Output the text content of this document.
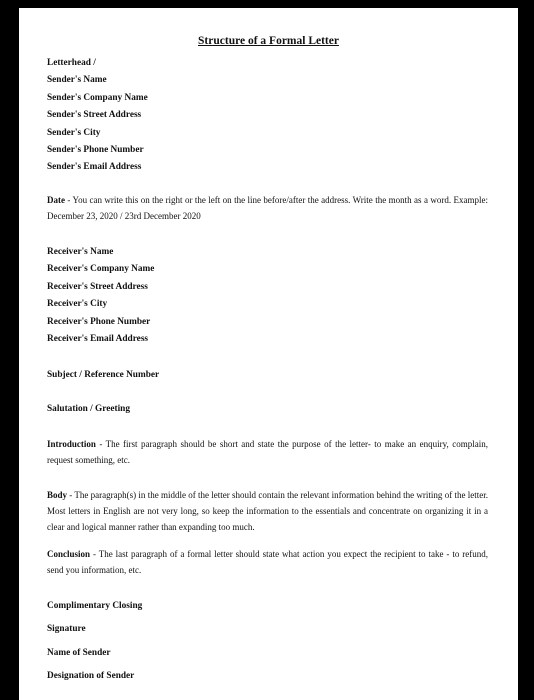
Structure of a Formal Letter
Letterhead /
Sender's Name
Sender's Company Name
Sender's Street Address
Sender's City
Sender's Phone Number
Sender's Email Address
Date - You can write this on the right or the left on the line before/after the address. Write the month as a word. Example: December 23, 2020 / 23rd December 2020
Receiver's Name
Receiver's Company Name
Receiver's Street Address
Receiver's City
Receiver's Phone Number
Receiver's Email Address
Subject / Reference Number
Salutation / Greeting
Introduction - The first paragraph should be short and state the purpose of the letter- to make an enquiry, complain, request something, etc.
Body - The paragraph(s) in the middle of the letter should contain the relevant information behind the writing of the letter. Most letters in English are not very long, so keep the information to the essentials and concentrate on organizing it in a clear and logical manner rather than expanding too much.
Conclusion - The last paragraph of a formal letter should state what action you expect the recipient to take - to refund, send you information, etc.
Complimentary Closing
Signature
Name of Sender
Designation of Sender
